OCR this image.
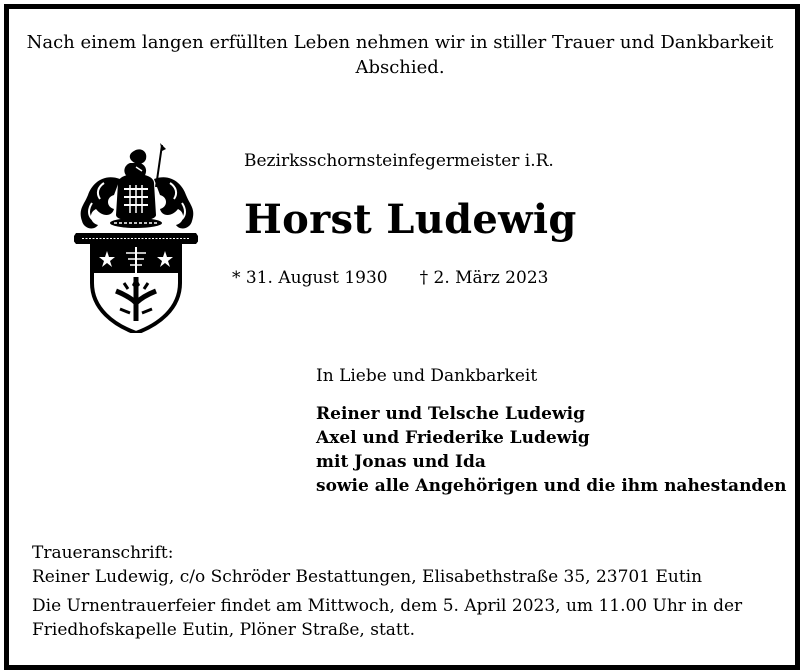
Nach einem langen erfüllten Leben nehmen wir in stiller Trauer und Dankbarkeit
Abschied.
Bezirksschornsteinfegermeister i.R.
Horst Ludewig
* 31. August 1930 † 2. März 2023
In Liebe und Dankbarkeit
Reiner und Telsche Ludewig
Axel und Friederike Ludewig
mit Jonas und Ida
sowie alle Angehörigen und die ihm nahestanden
Traueranschrift:
Reiner Ludewig, c/o Schröder Bestattungen, Elisabethstraße 35, 23701 Eutin
Die Urnentrauerfeier findet am Mittwoch, dem 5. April 2023, um 11.00 Uhr in der
Friedhofskapelle Eutin, Plöner Straße, statt.
